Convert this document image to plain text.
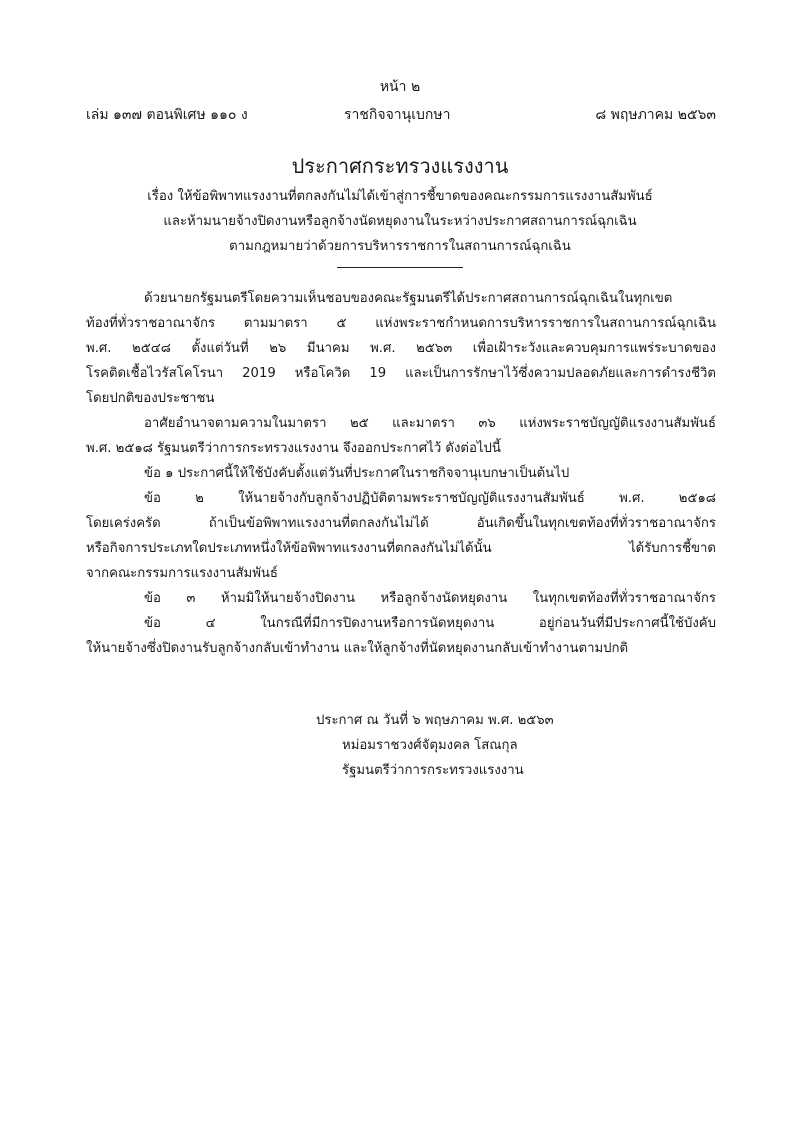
หน้า ๒
เล่ม ๑๓๗ ตอนพิเศษ ๑๑๐ ง	ราชกิจจานุเบกษา	๘ พฤษภาคม ๒๕๖๓
ประกาศกระทรวงแรงงาน
เรื่อง ให้ข้อพิพาทแรงงานที่ตกลงกันไม่ได้เข้าสู่การชี้ขาดของคณะกรรมการแรงงานสัมพันธ์
และห้ามนายจ้างปิดงานหรือลูกจ้างนัดหยุดงานในระหว่างประกาศสถานการณ์ฉุกเฉิน
ตามกฎหมายว่าด้วยการบริหารราชการในสถานการณ์ฉุกเฉิน
ด้วยนายกรัฐมนตรีโดยความเห็นชอบของคณะรัฐมนตรีได้ประกาศสถานการณ์ฉุกเฉินในทุกเขต
ท้องที่ทั่วราชอาณาจักร ตามมาตรา ๕ แห่งพระราชกำหนดการบริหารราชการในสถานการณ์ฉุกเฉิน
พ.ศ. ๒๕๔๘ ตั้งแต่วันที่ ๒๖ มีนาคม พ.ศ. ๒๕๖๓ เพื่อเฝ้าระวังและควบคุมการแพร่ระบาดของ
โรคติดเชื้อไวรัสโคโรนา 2019 หรือโควิด 19 และเป็นการรักษาไว้ซึ่งความปลอดภัยและการดำรงชีวิต
โดยปกติของประชาชน
อาศัยอำนาจตามความในมาตรา ๒๕ และมาตรา ๓๖ แห่งพระราชบัญญัติแรงงานสัมพันธ์
พ.ศ. ๒๕๑๘ รัฐมนตรีว่าการกระทรวงแรงงาน จึงออกประกาศไว้ ดังต่อไปนี้
ข้อ ๑ ประกาศนี้ให้ใช้บังคับตั้งแต่วันที่ประกาศในราชกิจจานุเบกษาเป็นต้นไป
ข้อ ๒ ให้นายจ้างกับลูกจ้างปฏิบัติตามพระราชบัญญัติแรงงานสัมพันธ์ พ.ศ. ๒๕๑๘
โดยเคร่งครัด ถ้าเป็นข้อพิพาทแรงงานที่ตกลงกันไม่ได้ อันเกิดขึ้นในทุกเขตท้องที่ทั่วราชอาณาจักร
หรือกิจการประเภทใดประเภทหนึ่งให้ข้อพิพาทแรงงานที่ตกลงกันไม่ได้นั้น ได้รับการชี้ขาด
จากคณะกรรมการแรงงานสัมพันธ์
ข้อ ๓ ห้ามมิให้นายจ้างปิดงาน หรือลูกจ้างนัดหยุดงาน ในทุกเขตท้องที่ทั่วราชอาณาจักร
ข้อ ๔ ในกรณีที่มีการปิดงานหรือการนัดหยุดงาน อยู่ก่อนวันที่มีประกาศนี้ใช้บังคับ
ให้นายจ้างซึ่งปิดงานรับลูกจ้างกลับเข้าทำงาน และให้ลูกจ้างที่นัดหยุดงานกลับเข้าทำงานตามปกติ
ประกาศ ณ วันที่ ๖ พฤษภาคม พ.ศ. ๒๕๖๓
หม่อมราชวงศ์จัตุมงคล โสณกุล
รัฐมนตรีว่าการกระทรวงแรงงาน
